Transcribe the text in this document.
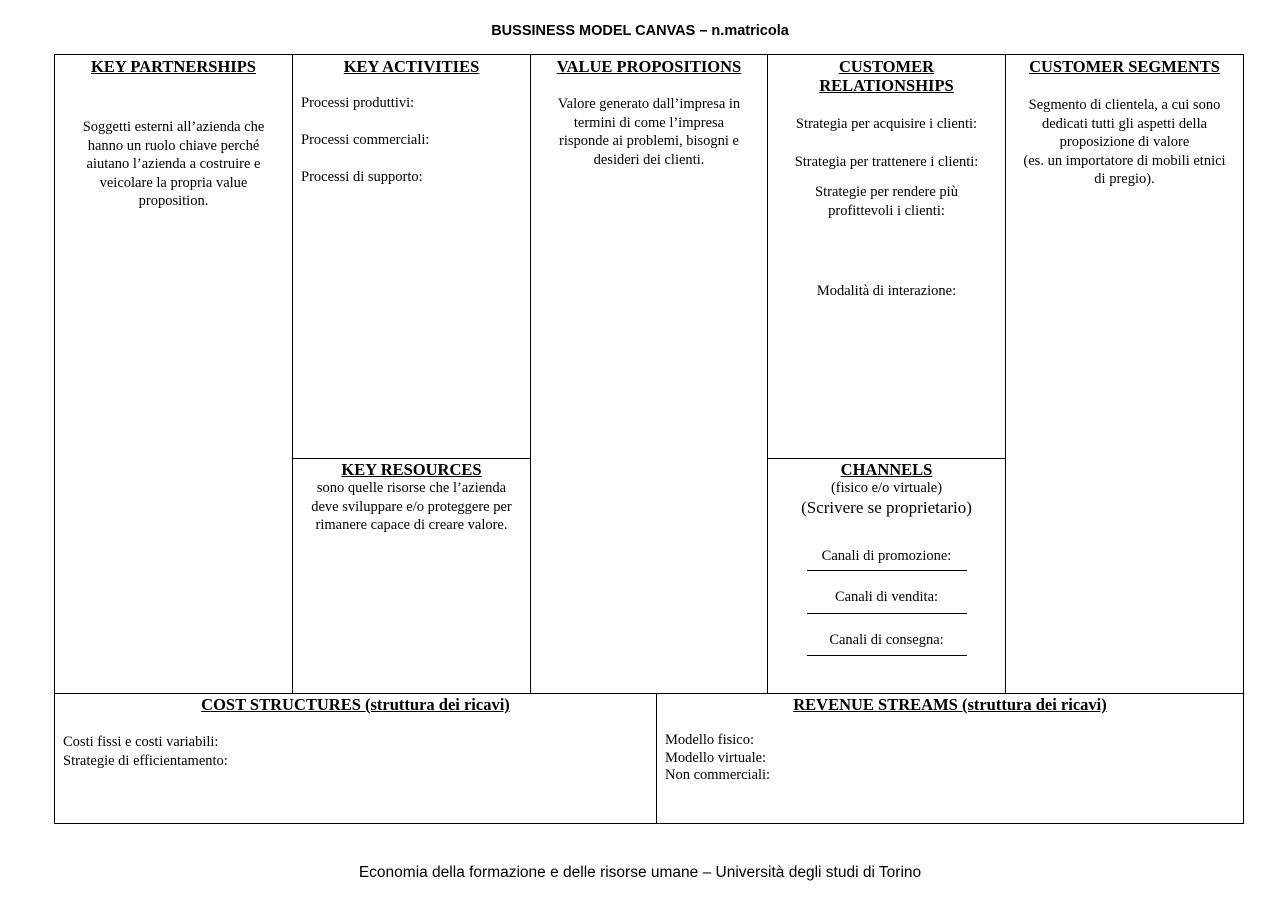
BUSSINESS MODEL CANVAS – n.matricola
KEY PARTNERSHIPS
Soggetti esterni all’azienda che hanno un ruolo chiave perché aiutano l’azienda a costruire e veicolare la propria value proposition.
KEY ACTIVITIES

Processi produttivi:

Processi commerciali:

Processi di supporto:

KEY RESOURCES
sono quelle risorse che l’azienda deve sviluppare e/o proteggere per rimanere capace di creare valore.
VALUE PROPOSITIONS
Valore generato dall’impresa in termini di come l’impresa risponde ai problemi, bisogni e desideri dei clienti.
CUSTOMER
RELATIONSHIPS

Strategia per acquisire i clienti:

Strategia per trattenere i clienti:

Strategie per rendere più profittevoli i clienti:

Modalità di interazione:

CHANNELS
(fisico e/o virtuale)
(Scrivere se proprietario)
Canali di promozione:
Canali di vendita:
Canali di consegna:
CUSTOMER SEGMENTS
Segmento di clientela, a cui sono dedicati tutti gli aspetti della proposizione di valore
(es. un importatore di mobili etnici di pregio).
COST STRUCTURES (struttura dei ricavi)

Costi fissi e costi variabili:

Strategie di efficientamento:

REVENUE STREAMS (struttura dei ricavi)

Modello fisico:

Modello virtuale:

Non commerciali:

Economia della formazione e delle risorse umane – Università degli studi di Torino
